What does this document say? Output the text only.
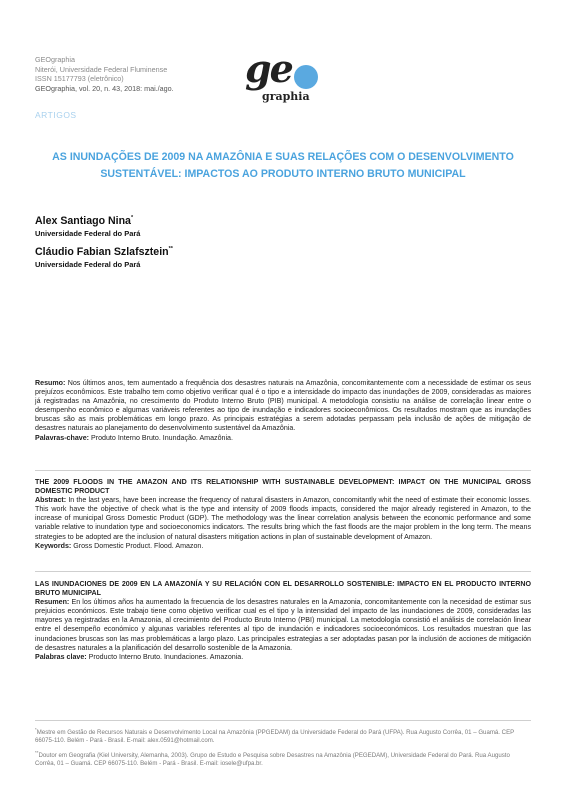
GEOgraphia
Niterói, Universidade Federal Fluminense
ISSN 15177793 (eletrônico)
GEOgraphia, vol. 20, n. 43, 2018: mai./ago. ge
graphia
ARTIGOS
AS INUNDAÇÕES DE 2009 NA AMAZÔNIA E SUAS RELAÇÕES COM O DESENVOLVIMENTO SUSTENTÁVEL: IMPACTOS AO PRODUTO INTERNO BRUTO MUNICIPAL
Alex Santiago Nina*
Universidade Federal do Pará
Cláudio Fabian Szlafsztein**
Universidade Federal do Pará

Resumo: Nos últimos anos, tem aumentado a frequência dos desastres naturais na Amazônia, concomitantemente com a necessidade de estimar os seus prejuízos econômicos. Este trabalho tem como objetivo verificar qual é o tipo e a intensidade do impacto das inundações de 2009, consideradas as maiores já registradas na Amazônia, no crescimento do Produto Interno Bruto (PIB) municipal. A metodologia consistiu na análise de correlação linear entre o desempenho econômico e algumas variáveis referentes ao tipo de inundação e indicadores socioeconômicos. Os resultados mostram que as inundações bruscas são as mais problemáticas em longo prazo. As principais estratégias a serem adotadas perpassam pela inclusão de ações de mitigação de desastres naturais ao planejamento do desenvolvimento sustentável da Amazônia.

Palavras-chave: Produto Interno Bruto. Inundação. Amazônia.

THE 2009 FLOODS IN THE AMAZON AND ITS RELATIONSHIP WITH SUSTAINABLE DEVELOPMENT: IMPACT ON THE MUNICIPAL GROSS DOMESTIC PRODUCT

Abstract: In the last years, have been increase the frequency of natural disasters in Amazon, concomitantly whit the need of estimate their economic losses. This work have the objective of check what is the type and intensity of 2009 floods impacts, considered the major already registered in Amazon, to the increase of municipal Gross Domestic Product (GDP). The methodology was the linear correlation analysis between the economic performance and some variable relative to inundation type and socioeconomics indicators. The results bring which the fast floods are the major problem in the long term. The means strategies to be adopted are the inclusion of natural disasters mitigation actions in plan of sustainable development of Amazon.

Keywords: Gross Domestic Product. Flood. Amazon.

LAS INUNDACIONES DE 2009 EN LA AMAZONÍA Y SU RELACIÓN CON EL DESARROLLO SOSTENIBLE: IMPACTO EN EL PRODUCTO INTERNO BRUTO MUNICIPAL

Resumen: En los últimos años ha aumentado la frecuencia de los desastres naturales en la Amazonia, concomitantemente con la necesidad de estimar sus prejuicios económicos. Este trabajo tiene como objetivo verificar cual es el tipo y la intensidad del impacto de las inundaciones de 2009, consideradas las mayores ya registradas en la Amazonia, al crecimiento del Producto Bruto Interno (PBI) municipal. La metodología consistió el análisis de correlación linear entre el desempeño económico y algunas variables referentes al tipo de inundación e indicadores socioeconómicos. Los resultados muestran que las inundaciones bruscas son las mas problemáticas a largo plazo. Las principales estrategias a ser adoptadas pasan por la inclusión de acciones de mitigación de desastres naturales a la planificación del desarrollo sostenible de la Amazonia.

Palabras clave: Producto Interno Bruto. Inundaciones. Amazonia.

*Mestre em Gestão de Recursos Naturais e Desenvolvimento Local na Amazônia (PPGEDAM) da Universidade Federal do Pará (UFPA). Rua Augusto Corrêa, 01 – Guamá. CEP 66075-110. Belém - Pará - Brasil. E-mail: alex.0591@hotmail.com.

**Doutor em Geografia (Kiel University, Alemanha, 2003). Grupo de Estudo e Pesquisa sobre Desastres na Amazônia (PEGEDAM), Universidade Federal do Pará. Rua Augusto Corrêa, 01 – Guamá. CEP 66075-110. Belém - Pará - Brasil. E-mail: iosele@ufpa.br.
